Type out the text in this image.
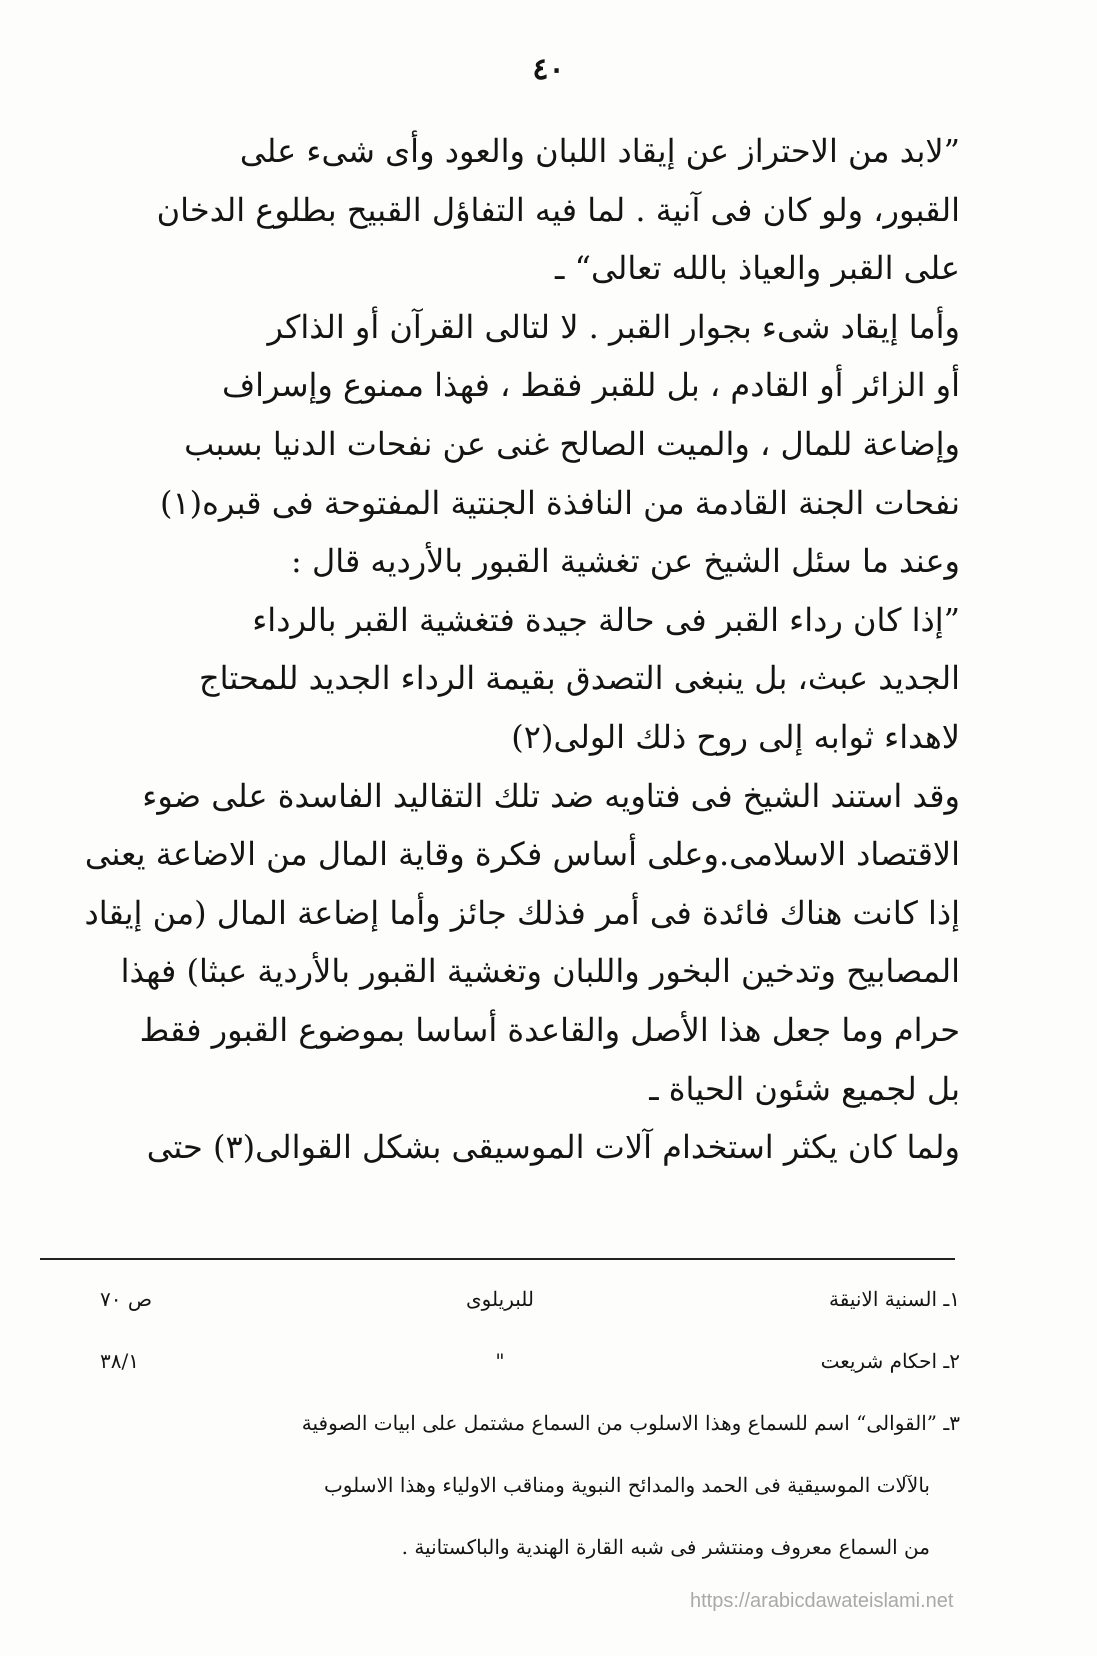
٤٠
”لابد من الاحتراز عن إيقاد اللبان والعود وأى شىء على
القبور، ولو كان فى آنية . لما فيه التفاؤل القبيح بطلوع الدخان
على القبر والعياذ بالله تعالى“ ـ
وأما إيقاد شىء بجوار القبر . لا لتالى القرآن أو الذاكر
أو الزائر أو القادم ، بل للقبر فقط ، فهذا ممنوع وإسراف
وإضاعة للمال ، والميت الصالح غنى عن نفحات الدنيا بسبب
نفحات الجنة القادمة من النافذة الجنتية المفتوحة فى قبره(١)
وعند ما سئل الشيخ عن تغشية القبور بالأرديه قال :
”إذا كان رداء القبر فى حالة جيدة فتغشية القبر بالرداء
الجديد عبث، بل ينبغى التصدق بقيمة الرداء الجديد للمحتاج
لاهداء ثوابه إلى روح ذلك الولى(٢)
وقد استند الشيخ فى فتاويه ضد تلك التقاليد الفاسدة على ضوء
الاقتصاد الاسلامى.وعلى أساس فكرة وقاية المال من الاضاعة يعنى
إذا كانت هناك فائدة فى أمر فذلك جائز وأما إضاعة المال (من إيقاد
المصابيح وتدخين البخور واللبان وتغشية القبور بالأردية عبثا) فهذا
حرام وما جعل هذا الأصل والقاعدة أساسا بموضوع القبور فقط
بل لجميع شئون الحياة ـ
ولما كان يكثر استخدام آلات الموسيقى بشكل القوالى(٣) حتى
١ـ السنية الانيقة
للبريلوى
ص ٧٠
٢ـ احكام شريعت
"
٣٨/١
٣ـ ”القوالى“ اسم للسماع وهذا الاسلوب من السماع مشتمل على ابيات الصوفية
بالآلات الموسيقية فى الحمد والمدائح النبوية ومناقب الاولياء وهذا الاسلوب
من السماع معروف ومنتشر فى شبه القارة الهندية والباكستانية .
https://arabicdawateislami.net
